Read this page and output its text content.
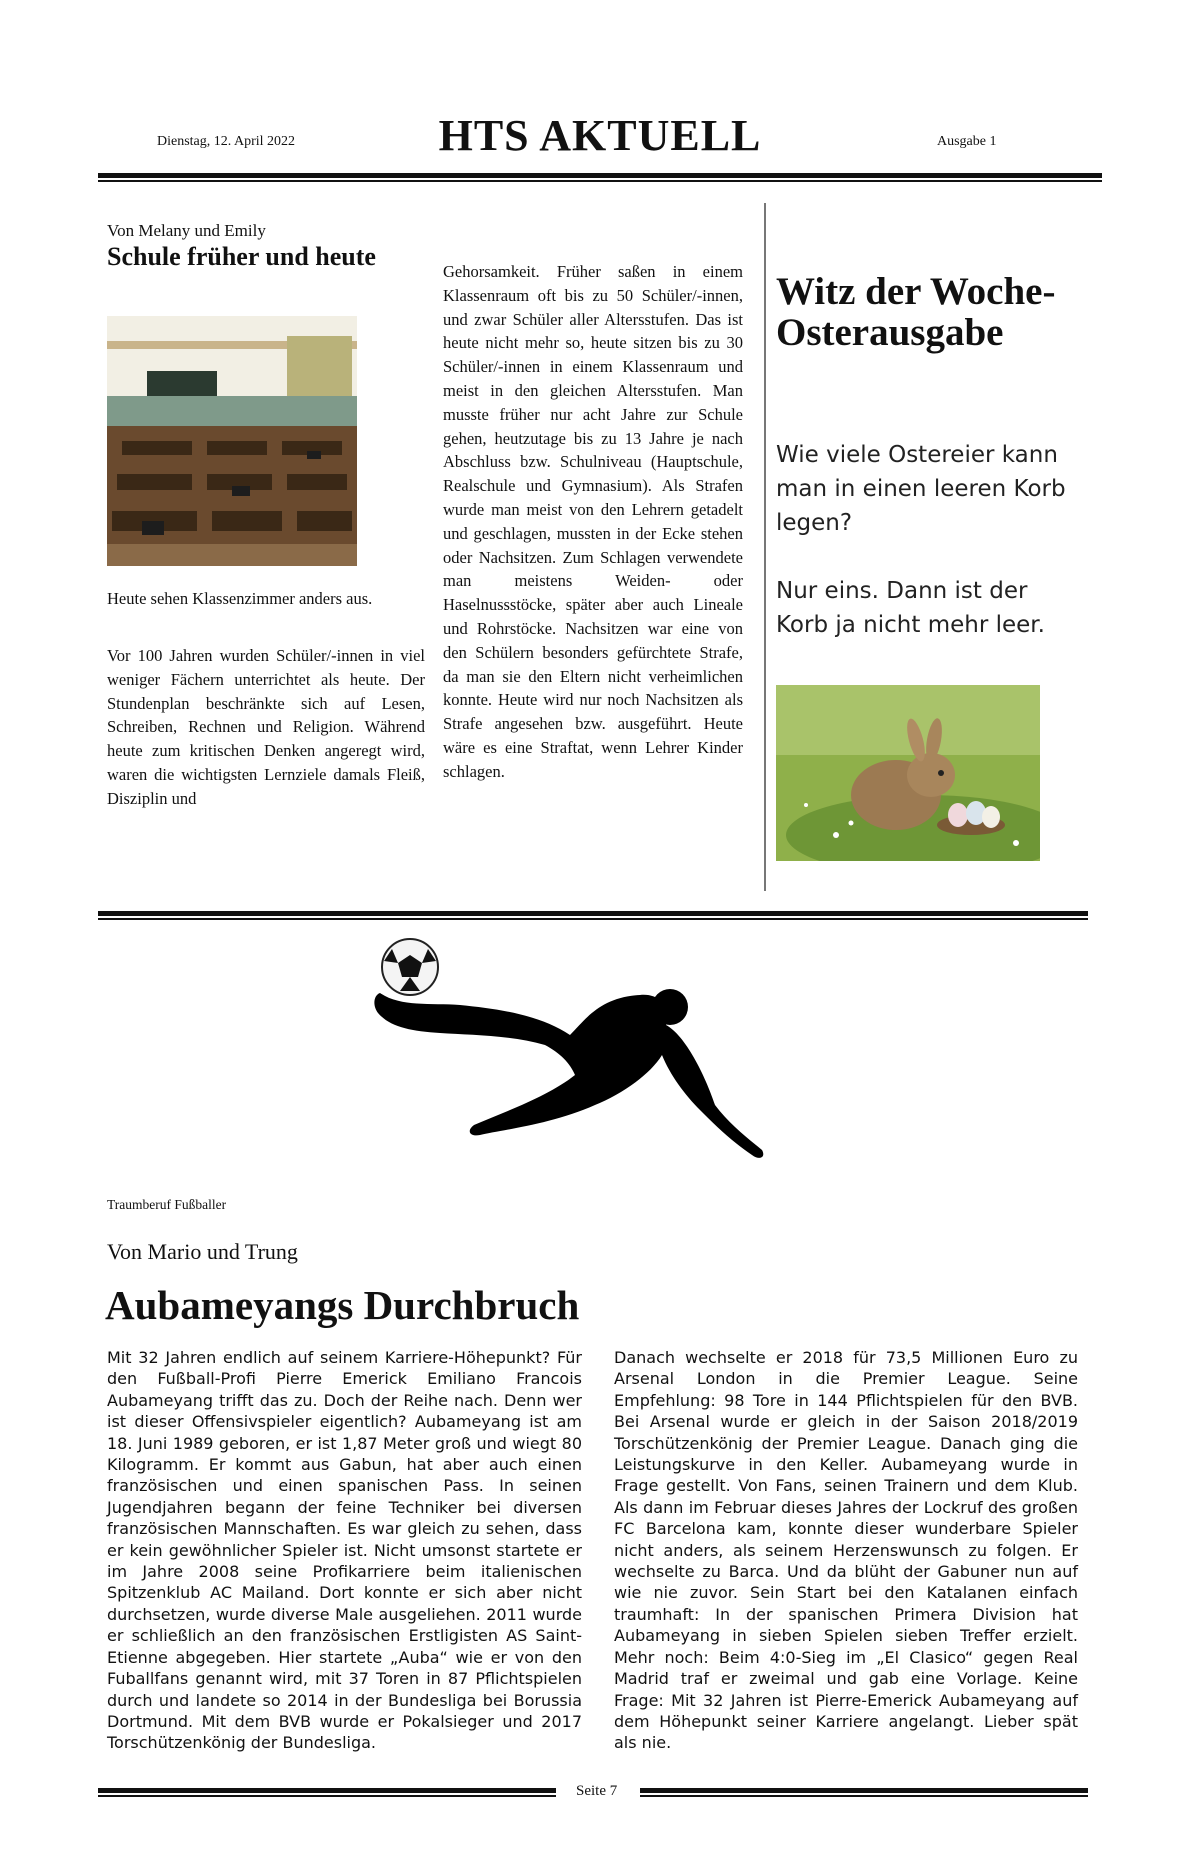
Dienstag, 12. April 2022	HTS AKTUELL	Ausgabe 1
Von Melany und Emily
Schule früher und heute
Heute sehen Klassenzimmer anders aus.
Vor 100 Jahren wurden Schüler/-innen in viel weniger Fächern unterrichtet als heute. Der Stundenplan beschränkte sich auf Lesen, Schreiben, Rechnen und Religion. Während heute zum kritischen Denken angeregt wird, waren die wichtigsten Lernziele damals Fleiß, Disziplin und
Gehorsamkeit. Früher saßen in einem Klassenraum oft bis zu 50 Schüler/-innen, und zwar Schüler aller Altersstufen. Das ist heute nicht mehr so, heute sitzen bis zu 30 Schüler/-innen in einem Klassenraum und meist in den gleichen Altersstufen. Man musste früher nur acht Jahre zur Schule gehen, heutzutage bis zu 13 Jahre je nach Abschluss bzw. Schulniveau (Hauptschule, Realschule und Gymnasium). Als Strafen wurde man meist von den Lehrern getadelt und geschlagen, mussten in der Ecke stehen oder Nachsitzen. Zum Schlagen verwendete man meistens Weiden- oder Haselnussstöcke, später aber auch Lineale und Rohrstöcke. Nachsitzen war eine von den Schülern besonders gefürchtete Strafe, da man sie den Eltern nicht verheimlichen konnte. Heute wird nur noch Nachsitzen als Strafe angesehen bzw. ausgeführt. Heute wäre es eine Straftat, wenn Lehrer Kinder schlagen.
Witz der Woche-Osterausgabe
Wie viele Ostereier kann man in einen leeren Korb legen?
Nur eins. Dann ist der Korb ja nicht mehr leer.
Traumberuf Fußballer
Von Mario und Trung
Aubameyangs Durchbruch
Mit 32 Jahren endlich auf seinem Karriere-Höhepunkt? Für den Fußball-Profi Pierre Emerick Emiliano Francois Aubameyang trifft das zu. Doch der Reihe nach. Denn wer ist dieser Offensivspieler eigentlich? Aubameyang ist am 18. Juni 1989 geboren, er ist 1,87 Meter groß und wiegt 80 Kilogramm. Er kommt aus Gabun, hat aber auch einen französischen und einen spanischen Pass. In seinen Jugendjahren begann der feine Techniker bei diversen französischen Mannschaften. Es war gleich zu sehen, dass er kein gewöhnlicher Spieler ist. Nicht umsonst startete er im Jahre 2008 seine Profikarriere beim italienischen Spitzenklub AC Mailand. Dort konnte er sich aber nicht durchsetzen, wurde diverse Male ausgeliehen. 2011 wurde er schließlich an den französischen Erstligisten AS Saint-Etienne abgegeben. Hier startete „Auba“ wie er von den Fuballfans genannt wird, mit 37 Toren in 87 Pflichtspielen durch und landete so 2014 in der Bundesliga bei Borussia Dortmund. Mit dem BVB wurde er Pokalsieger und 2017 Torschützenkönig der Bundesliga.
Danach wechselte er 2018 für 73,5 Millionen Euro zu Arsenal London in die Premier League. Seine Empfehlung: 98 Tore in 144 Pflichtspielen für den BVB. Bei Arsenal wurde er gleich in der Saison 2018/2019 Torschützenkönig der Premier League. Danach ging die Leistungskurve in den Keller. Aubameyang wurde in Frage gestellt. Von Fans, seinen Trainern und dem Klub. Als dann im Februar dieses Jahres der Lockruf des großen FC Barcelona kam, konnte dieser wunderbare Spieler nicht anders, als seinem Herzenswunsch zu folgen. Er wechselte zu Barca. Und da blüht der Gabuner nun auf wie nie zuvor. Sein Start bei den Katalanen einfach traumhaft: In der spanischen Primera Division hat Aubameyang in sieben Spielen sieben Treffer erzielt. Mehr noch: Beim 4:0-Sieg im „El Clasico“ gegen Real Madrid traf er zweimal und gab eine Vorlage. Keine Frage: Mit 32 Jahren ist Pierre-Emerick Aubameyang auf dem Höhepunkt seiner Karriere angelangt. Lieber spät als nie.
Seite 7
